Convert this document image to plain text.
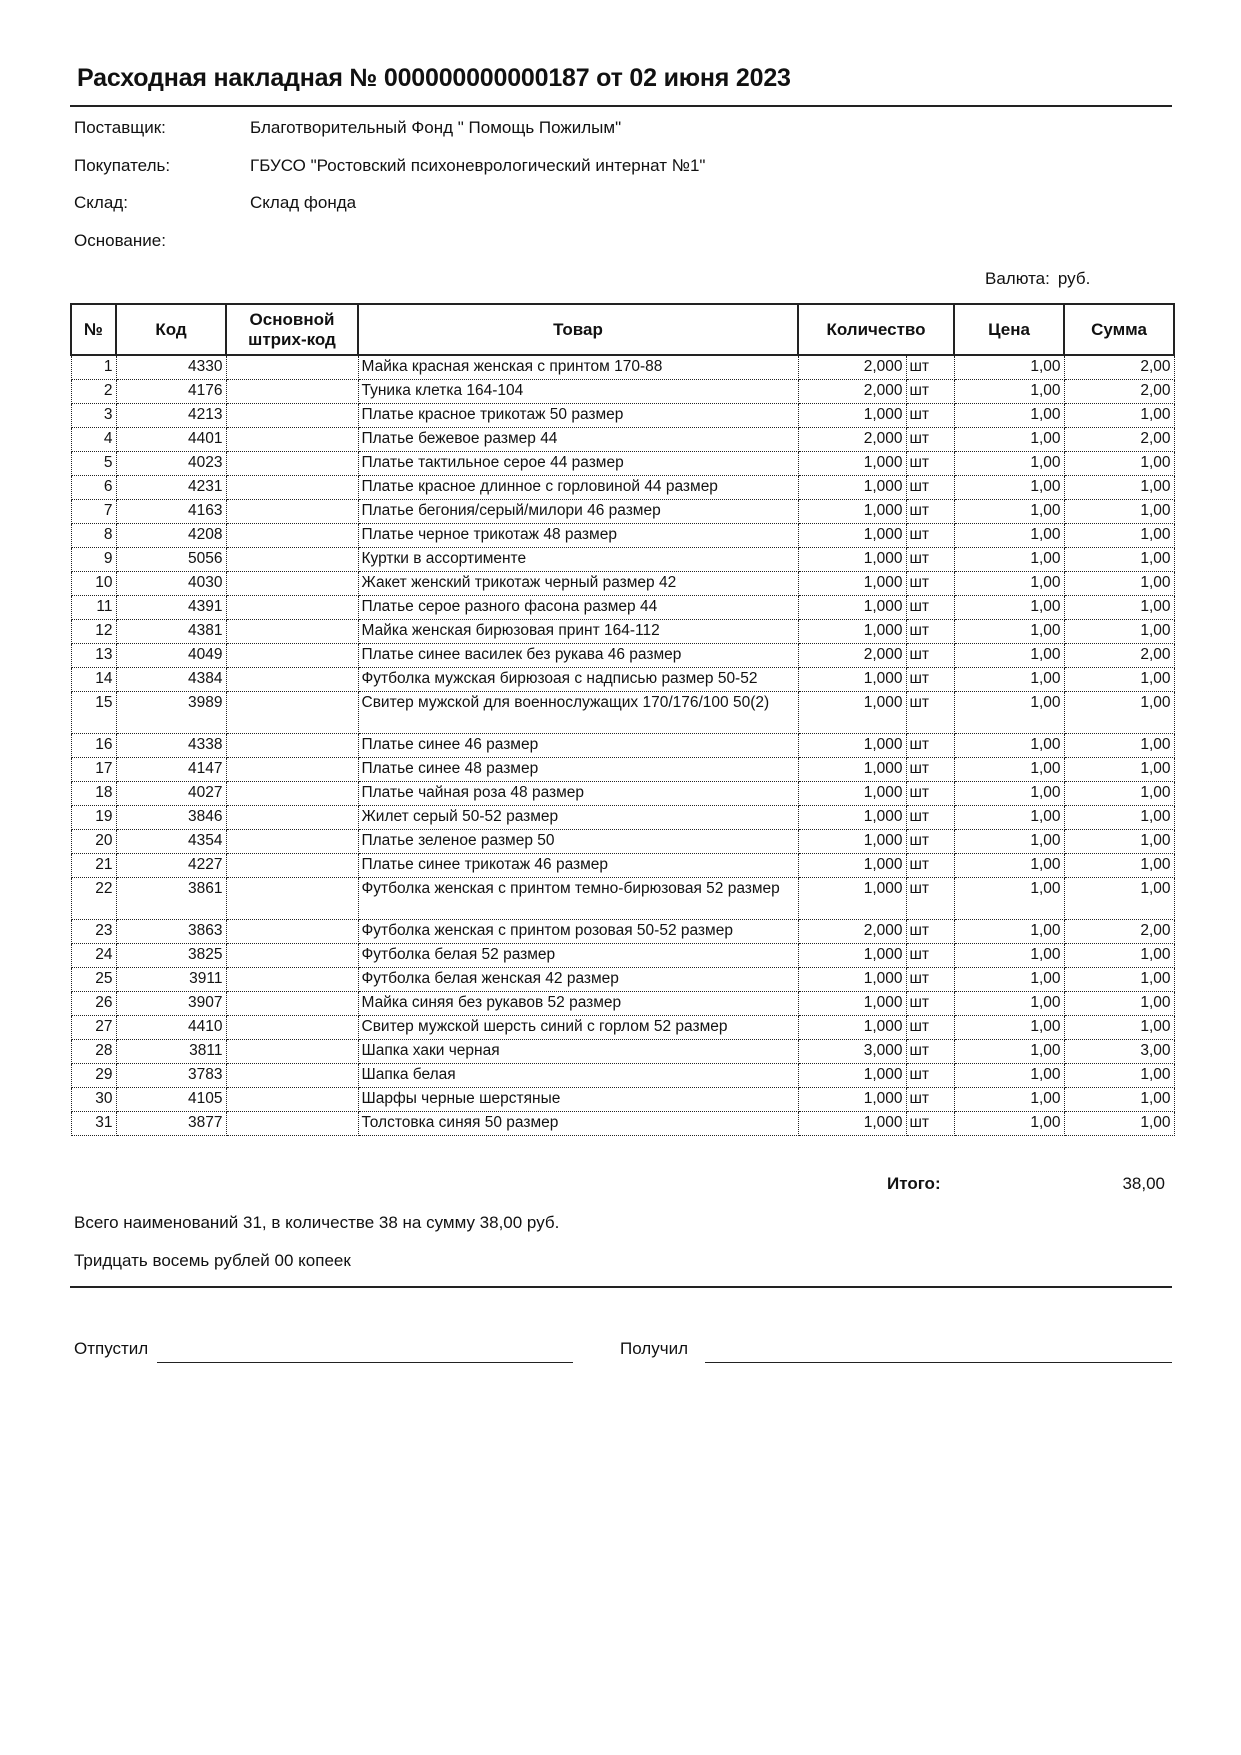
Расходная накладная № 000000000000187 от 02 июня 2023
Поставщик:	Благотворительный Фонд " Помощь Пожилым"
Покупатель:	ГБУСО "Ростовский психоневрологический интернат №1"
Склад:	Склад фонда
Основание:
Валюта: руб.
№	Код	Основной штрих-код	Товар	Количество		Цена	Сумма
1	4330		Майка красная женская с принтом 170-88	2,000	шт	1,00	2,00
2	4176		Туника клетка 164-104	2,000	шт	1,00	2,00
3	4213		Платье красное трикотаж 50 размер	1,000	шт	1,00	1,00
4	4401		Платье бежевое размер 44	2,000	шт	1,00	2,00
5	4023		Платье тактильное серое 44 размер	1,000	шт	1,00	1,00
6	4231		Платье красное длинное с горловиной 44 размер	1,000	шт	1,00	1,00
7	4163		Платье бегония/серый/милори 46 размер	1,000	шт	1,00	1,00
8	4208		Платье черное трикотаж 48 размер	1,000	шт	1,00	1,00
9	5056		Куртки в ассортименте	1,000	шт	1,00	1,00
10	4030		Жакет женский трикотаж черный размер 42	1,000	шт	1,00	1,00
11	4391		Платье серое разного фасона размер 44	1,000	шт	1,00	1,00
12	4381		Майка женская бирюзовая принт 164-112	1,000	шт	1,00	1,00
13	4049		Платье синее василек без рукава 46 размер	2,000	шт	1,00	2,00
14	4384		Футболка мужская бирюзоая с надписью размер 50-52	1,000	шт	1,00	1,00
15	3989		Свитер мужской для военнослужащих 170/176/100 50(2)	1,000	шт	1,00	1,00
16	4338		Платье синее 46 размер	1,000	шт	1,00	1,00
17	4147		Платье синее 48 размер	1,000	шт	1,00	1,00
18	4027		Платье чайная роза 48 размер	1,000	шт	1,00	1,00
19	3846		Жилет серый 50-52 размер	1,000	шт	1,00	1,00
20	4354		Платье зеленое размер 50	1,000	шт	1,00	1,00
21	4227		Платье синее трикотаж 46 размер	1,000	шт	1,00	1,00
22	3861		Футболка женская с принтом темно-бирюзовая 52 размер	1,000	шт	1,00	1,00
23	3863		Футболка женская с принтом розовая 50-52 размер	2,000	шт	1,00	2,00
24	3825		Футболка белая 52 размер	1,000	шт	1,00	1,00
25	3911		Футболка белая женская 42 размер	1,000	шт	1,00	1,00
26	3907		Майка синяя без рукавов 52 размер	1,000	шт	1,00	1,00
27	4410		Свитер мужской шерсть синий с горлом 52 размер	1,000	шт	1,00	1,00
28	3811		Шапка хаки черная	3,000	шт	1,00	3,00
29	3783		Шапка белая	1,000	шт	1,00	1,00
30	4105		Шарфы черные шерстяные	1,000	шт	1,00	1,00
31	3877		Толстовка синяя 50 размер	1,000	шт	1,00	1,00
Итого:	38,00
Всего наименований 31, в количестве 38 на сумму 38,00 руб.
Тридцать восемь рублей 00 копеек
Отпустил	Получил
